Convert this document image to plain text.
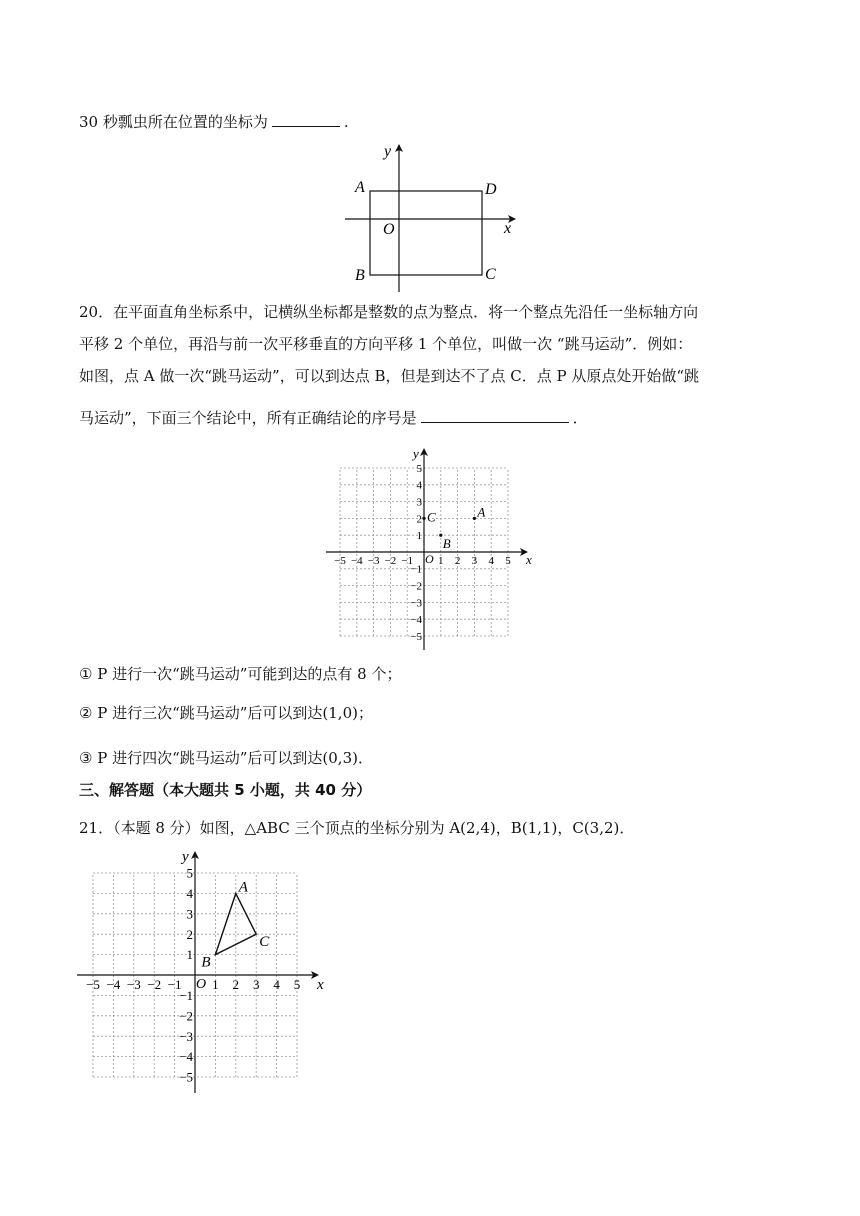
30 秒瓢虫所在位置的坐标为	.
y
x
O
A	D
B	C
20．在平面直角坐标系中，记横纵坐标都是整数的点为整点．将一个整点先沿任一坐标轴方向
平移 2 个单位，再沿与前一次平移垂直的方向平移 1 个单位，叫做一次 “跳马运动”．例如：
如图，点 A 做一次“跳马运动”，可以到达点 B，但是到达不了点 C．点 P 从原点处开始做“跳
马运动”，下面三个结论中，所有正确结论的序号是	．
−5 −4 −3 −2 −1 1 2 3 4 5
5
4
3
2
1
−1
−2
−3
−4
−5
O	x
y
A
B
C
① P 进行一次“跳马运动”可能到达的点有 8 个；
② P 进行三次“跳马运动”后可以到达(1,0)；
③ P 进行四次“跳马运动”后可以到达(0,3)．
三、解答题（本大题共 5 小题，共 40 分）
21．（本题 8 分）如图，△ABC 三个顶点的坐标分别为 A(2,4)，B(1,1)，C(3,2)．
−5 −4 −3 −2 −1 1 2 3 4 5
5
4
3
2
1
−1
−2
−3
−4
−5
O	x
y
A
B
C
